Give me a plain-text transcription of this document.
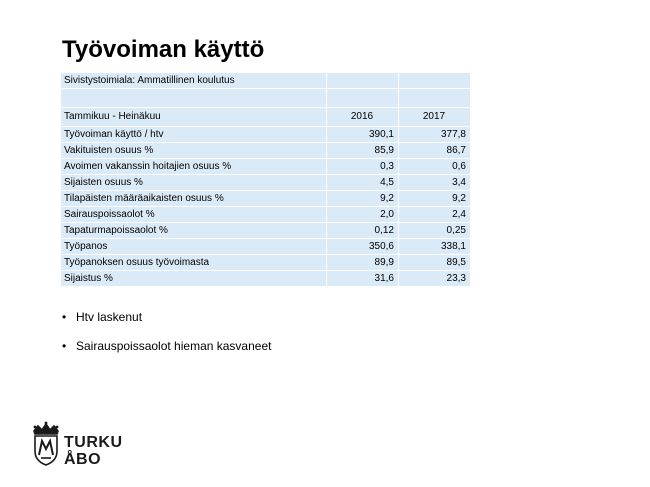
Työvoiman käyttö
Sivistystoimiala: Ammatillinen koulutus		

Tammikuu - Heinäkuu	2016	2017
Työvoiman käyttö / htv	390,1	377,8
Vakituisten osuus %	85,9	86,7
Avoimen vakanssin hoitajien osuus %	0,3	0,6
Sijaisten osuus %	4,5	3,4
Tilapäisten määräaikaisten osuus %	9,2	9,2
Sairauspoissaolot %	2,0	2,4
Tapaturmapoissaolot %	0,12	0,25
Työpanos	350,6	338,1
Työpanoksen osuus työvoimasta	89,9	89,5
Sijaistus %	31,6	23,3
• Htv laskenut
• Sairauspoissaolot hieman kasvaneet
TURKU
ÅBO
